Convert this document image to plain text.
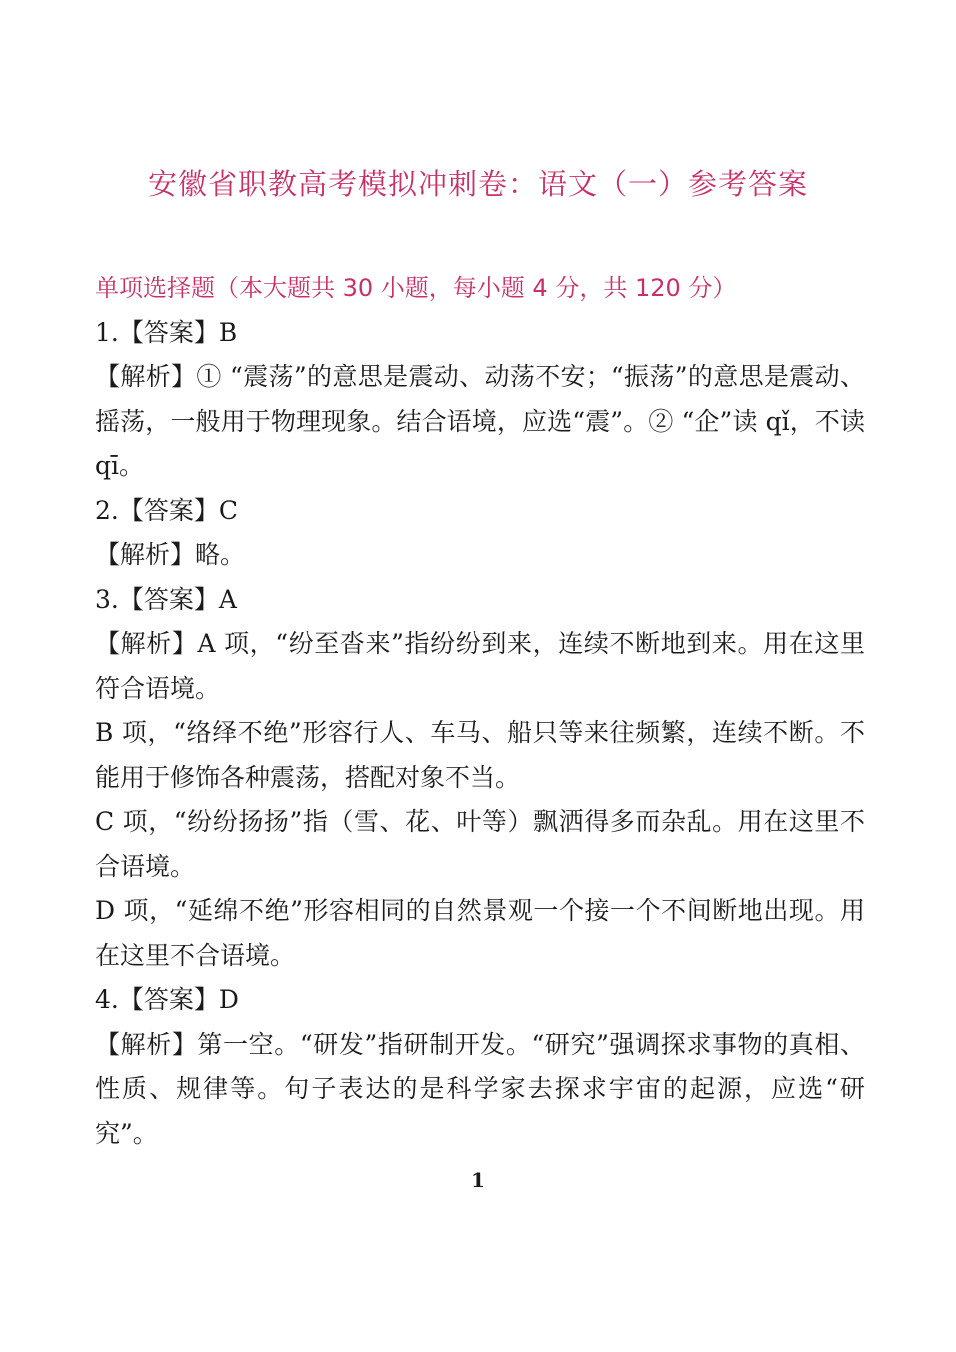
安徽省职教高考模拟冲刺卷：语文（一）参考答案

单项选择题（本大题共 30 小题，每小题 4 分，共 120 分）

1.【答案】B

【解析】① “震荡”的意思是震动、动荡不安；“振荡”的意思是震动、摇荡，一般用于物理现象。结合语境，应选“震”。② “企”读 qǐ，不读 qī。

2.【答案】C

【解析】略。

3.【答案】A

【解析】A 项，“纷至沓来”指纷纷到来，连续不断地到来。用在这里符合语境。

B 项，“络绎不绝”形容行人、车马、船只等来往频繁，连续不断。不能用于修饰各种震荡，搭配对象不当。

C 项，“纷纷扬扬”指（雪、花、叶等）飘洒得多而杂乱。用在这里不合语境。

D 项，“延绵不绝”形容相同的自然景观一个接一个不间断地出现。用在这里不合语境。

4.【答案】D

【解析】第一空。“研发”指研制开发。“研究”强调探求事物的真相、性质、规律等。句子表达的是科学家去探求宇宙的起源，应选“研究”。

1
